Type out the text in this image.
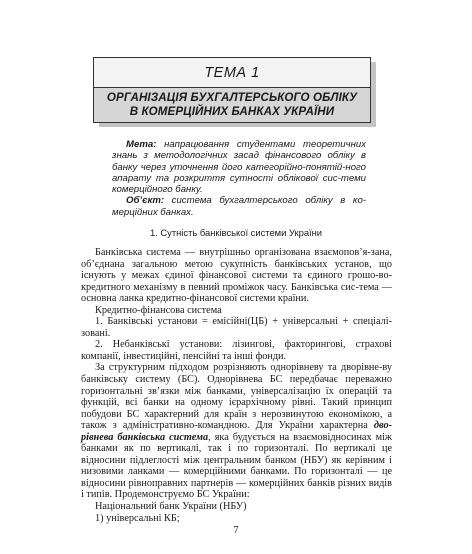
ТЕМА 1
ОРГАНІЗАЦІЯ БУХГАЛТЕРСЬКОГО ОБЛІКУ
В КОМЕРЦІЙНИХ БАНКАХ УКРАЇНИ

Мета: напрацювання студентами теоретичних знань з методологічних засад фінансового обліку в банку через уточнення його категорійно-понятій-ного апарату та розкриття сутності облікової сис-теми комерційного банку.

Об’єкт: система бухгалтерського обліку в ко-мерційних банках.

1. Сутність банківської системи України

Банківська система — внутрішньо організована взаємопов’я-зана, об’єднана загальною метою сукупність банківських установ, що існують у межах єдиної фінансової системи та єдиного грошо-во-кредитного механізму в певний проміжок часу. Банківська сис-тема — основна ланка кредитно-фінансової системи країни.

Кредитно-фінансова система

1. Банківські установи = емісійні(ЦБ) + універсальні + спеціалі-зовані.

2. Небанківські установи: лізингові, факторингові, страхові компанії, інвестиційні, пенсійні та інші фонди.

За структурним підходом розрізняють однорівневу та дворівне-ву банківську систему (БС). Однорівнева БС передбачає переважно горизонтальні зв’язки між банками, універсалізацію їх операцій та функцій, всі банки на одному ієрархічному рівні. Такий принцип побудови БС характерний для країн з нерозвинутою економікою, а також з адміністративно-командною. Для України характерна дво-рівнева банківська система, яка будується на взаємовідносинах між банками як по вертикалі, так і по горизонталі. По вертикалі це відносини підлеглості між центральним банком (НБУ) як керівним і низовими ланками — комерційними банками. По горизонталі — це відносини рівноправних партнерів — комерційних банків різних видів і типів. Продемонструємо БС України:

Національний банк України (НБУ)

1) універсальні КБ;

7
